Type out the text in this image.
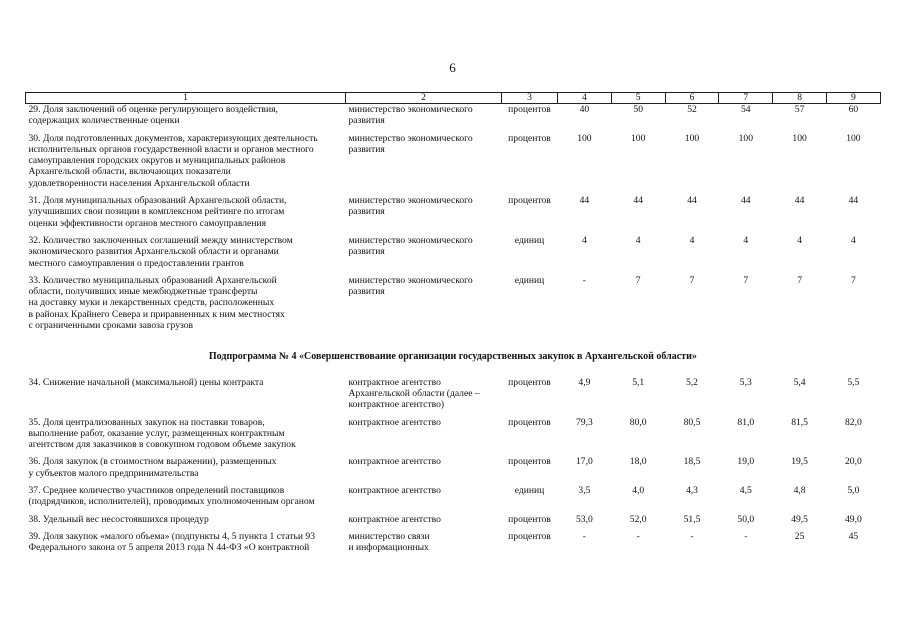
6
1	2	3	4	5	6	7	8	9
29. Доля заключений об оценке регулирующего воздействия,
содержащих количественные оценки	министерство экономического
развития	процентов	40	50	52	54	57	60
30. Доля подготовленных документов, характеризующих деятельность
исполнительных органов государственной власти и органов местного
самоуправления городских округов и муниципальных районов
Архангельской области, включающих показатели
удовлетворенности населения Архангельской области	министерство экономического
развития	процентов	100	100	100	100	100	100
31. Доля муниципальных образований Архангельской области,
улучшивших свои позиции в комплексном рейтинге по итогам
оценки эффективности органов местного самоуправления	министерство экономического
развития	процентов	44	44	44	44	44	44
32. Количество заключенных соглашений между министерством
экономического развития Архангельской области и органами
местного самоуправления о предоставлении грантов	министерство экономического
развития	единиц	4	4	4	4	4	4
33. Количество муниципальных образований Архангельской
области, получивших иные межбюджетные трансферты
на доставку муки и лекарственных средств, расположенных
в районах Крайнего Севера и приравненных к ним местностях
с ограниченными сроками завоза грузов	министерство экономического
развития	единиц	-	7	7	7	7	7
Подпрограмма № 4 «Совершенствование организации государственных закупок в Архангельской области»								
34. Снижение начальной (максимальной) цены контракта	контрактное агентство
Архангельской области (далее –
контрактное агентство)	процентов	4,9	5,1	5,2	5,3	5,4	5,5
35. Доля централизованных закупок на поставки товаров,
выполнение работ, оказание услуг, размещенных контрактным
агентством для заказчиков в совокупном годовом объеме закупок	контрактное агентство	процентов	79,3	80,0	80,5	81,0	81,5	82,0
36. Доля закупок (в стоимостном выражении), размещенных
у субъектов малого предпринимательства	контрактное агентство	процентов	17,0	18,0	18,5	19,0	19,5	20,0
37. Среднее количество участников определений поставщиков
(подрядчиков, исполнителей), проводимых уполномоченным органом	контрактное агентство	единиц	3,5	4,0	4,3	4,5	4,8	5,0
38. Удельный вес несостоявшихся процедур	контрактное агентство	процентов	53,0	52,0	51,5	50,0	49,5	49,0
39. Доля закупок «малого объема» (подпункты 4, 5 пункта 1 статьи 93
Федерального закона от 5 апреля 2013 года N 44-ФЗ «О контрактной	министерство связи
и информационных	процентов	-	-	-	-	25	45
